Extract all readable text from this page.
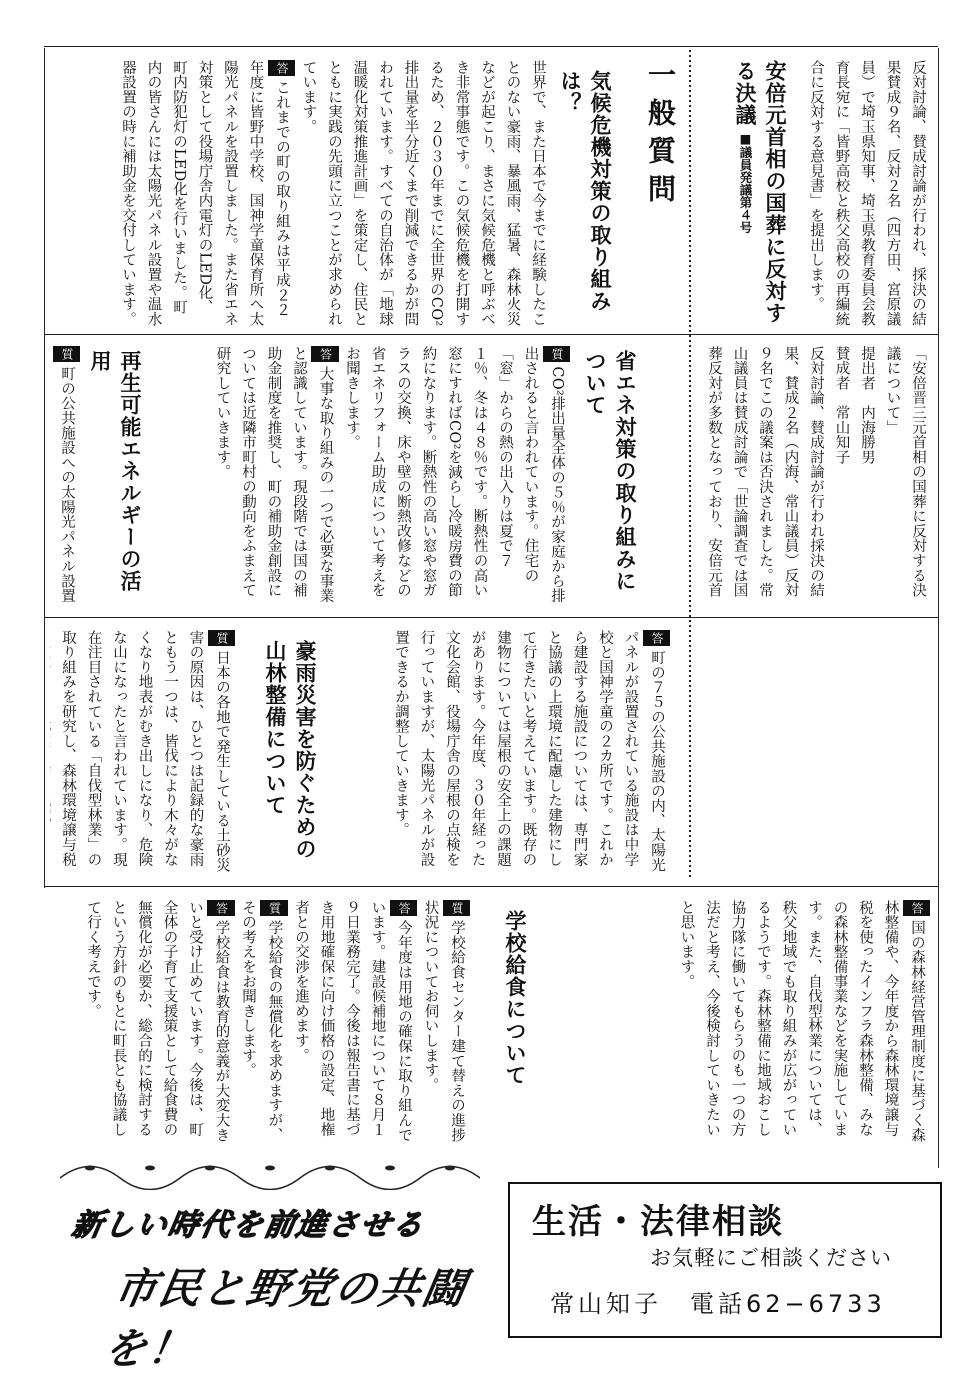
反対討論、賛成討論が行われ、採決の結果賛成９名、反対２名（四方田、宮原議員）で埼玉県知事、埼玉県教育委員会教育長宛に「皆野高校と秩父高校の再編統合に反対する意見書」を提出します。
安倍元首相の国葬に反対する決議 ■議員発議第４号
「安倍晋三元首相の国葬に反対する決議について」
提出者　内海勝男
賛成者　常山知子
反対討論、賛成討論が行われ採決の結果、賛成２名（内海、常山議員）反対９名でこの議案は否決されました。常山議員は賛成討論で「世論調査では国葬反対が多数となっており、安倍元首
一般質問
気候危機対策の取り組みは？
世界で、また日本で今までに経験したことのない豪雨、暴風雨、猛暑、森林火災などが起こり、まさに気候危機と呼ぶべき非常事態です。この気候危機を打開するため、２０３０年までに全世界のCO²排出量を半分近くまで削減できるかが問われています。すべての自治体が「地球温暖化対策推進計画」を策定し、住民とともに実践の先頭に立つことが求められています。
答これまでの町の取り組みは平成２２年度に皆野中学校、国神学童保育所へ太陽光パネルを設置しました。また省エネ対策として役場庁舎内電灯のLED化、町内防犯灯のLED化を行いました。町内の皆さんには太陽光パネル設置や温水器設置の時に補助金を交付しています。
省エネ対策の取り組みについて
質CO²排出量全体の５％が家庭から排出されると言われています。住宅の「窓」からの熱の出入りは夏で７１％、冬は４８％です。断熱性の高い窓にすればCO²を減らし冷暖房費の節約になります。断熱性の高い窓や窓ガラスの交換、床や壁の断熱改修などの省エネリフォーム助成について考えをお聞きします。
答大事な取り組みの一つで必要な事業と認識しています。現段階では国の補助金制度を推奨し、町の補助金創設については近隣市町村の動向をふまえて研究していきます。
再生可能エネルギーの活用
質町の公共施設への太陽光パネル設置
答町の７５の公共施設の内、太陽光パネルが設置されている施設は中学校と国神学童の２カ所です。これから建設する施設については、専門家と協議の上環境に配慮した建物にして行きたいと考えています。既存の建物については屋根の安全上の課題があります。今年度、３０年経った文化会館、役場庁舎の屋根の点検を行っていますが、太陽光パネルが設置できるか調整していきます。
豪雨災害を防ぐための山林整備について
質日本の各地で発生している土砂災害の原因は、ひとつは記録的な豪雨ともう一つは、皆伐により木々がなくなり地表がむき出しになり、危険な山になったと言われています。現在注目されている「自伐型林業」の取り組みを研究し、森林環境譲与税
答国の森林経営管理制度に基づく森林整備や、今年度から森林環境譲与税を使ったインフラ森林整備、みなの森林整備事業などを実施しています。また、自伐型林業については、秩父地域でも取り組みが広がっているようです。森林整備に地域おこし協力隊に働いてもらうのも一つの方法だと考え、今後検討していきたいと思います。
学校給食について
質学校給食センター建て替えの進捗状況についてお伺いします。
答今年度は用地の確保に取り組んでいます。建設候補地について８月１９日業務完了。今後は報告書に基づき用地確保に向け価格の設定、地権者との交渉を進めます。
質学校給食の無償化を求めますが、その考えをお聞きします。
答学校給食は教育的意義が大変大きいと受け止めています。今後は、町全体の子育て支援策として給食費の無償化が必要か、総合的に検討するという方針のもとに町長とも協議して行く考えです。
新しい時代を前進させる
市民と野党の共闘を！
生活・法律相談
お気軽にご相談ください
常山知子　電話62−6733
